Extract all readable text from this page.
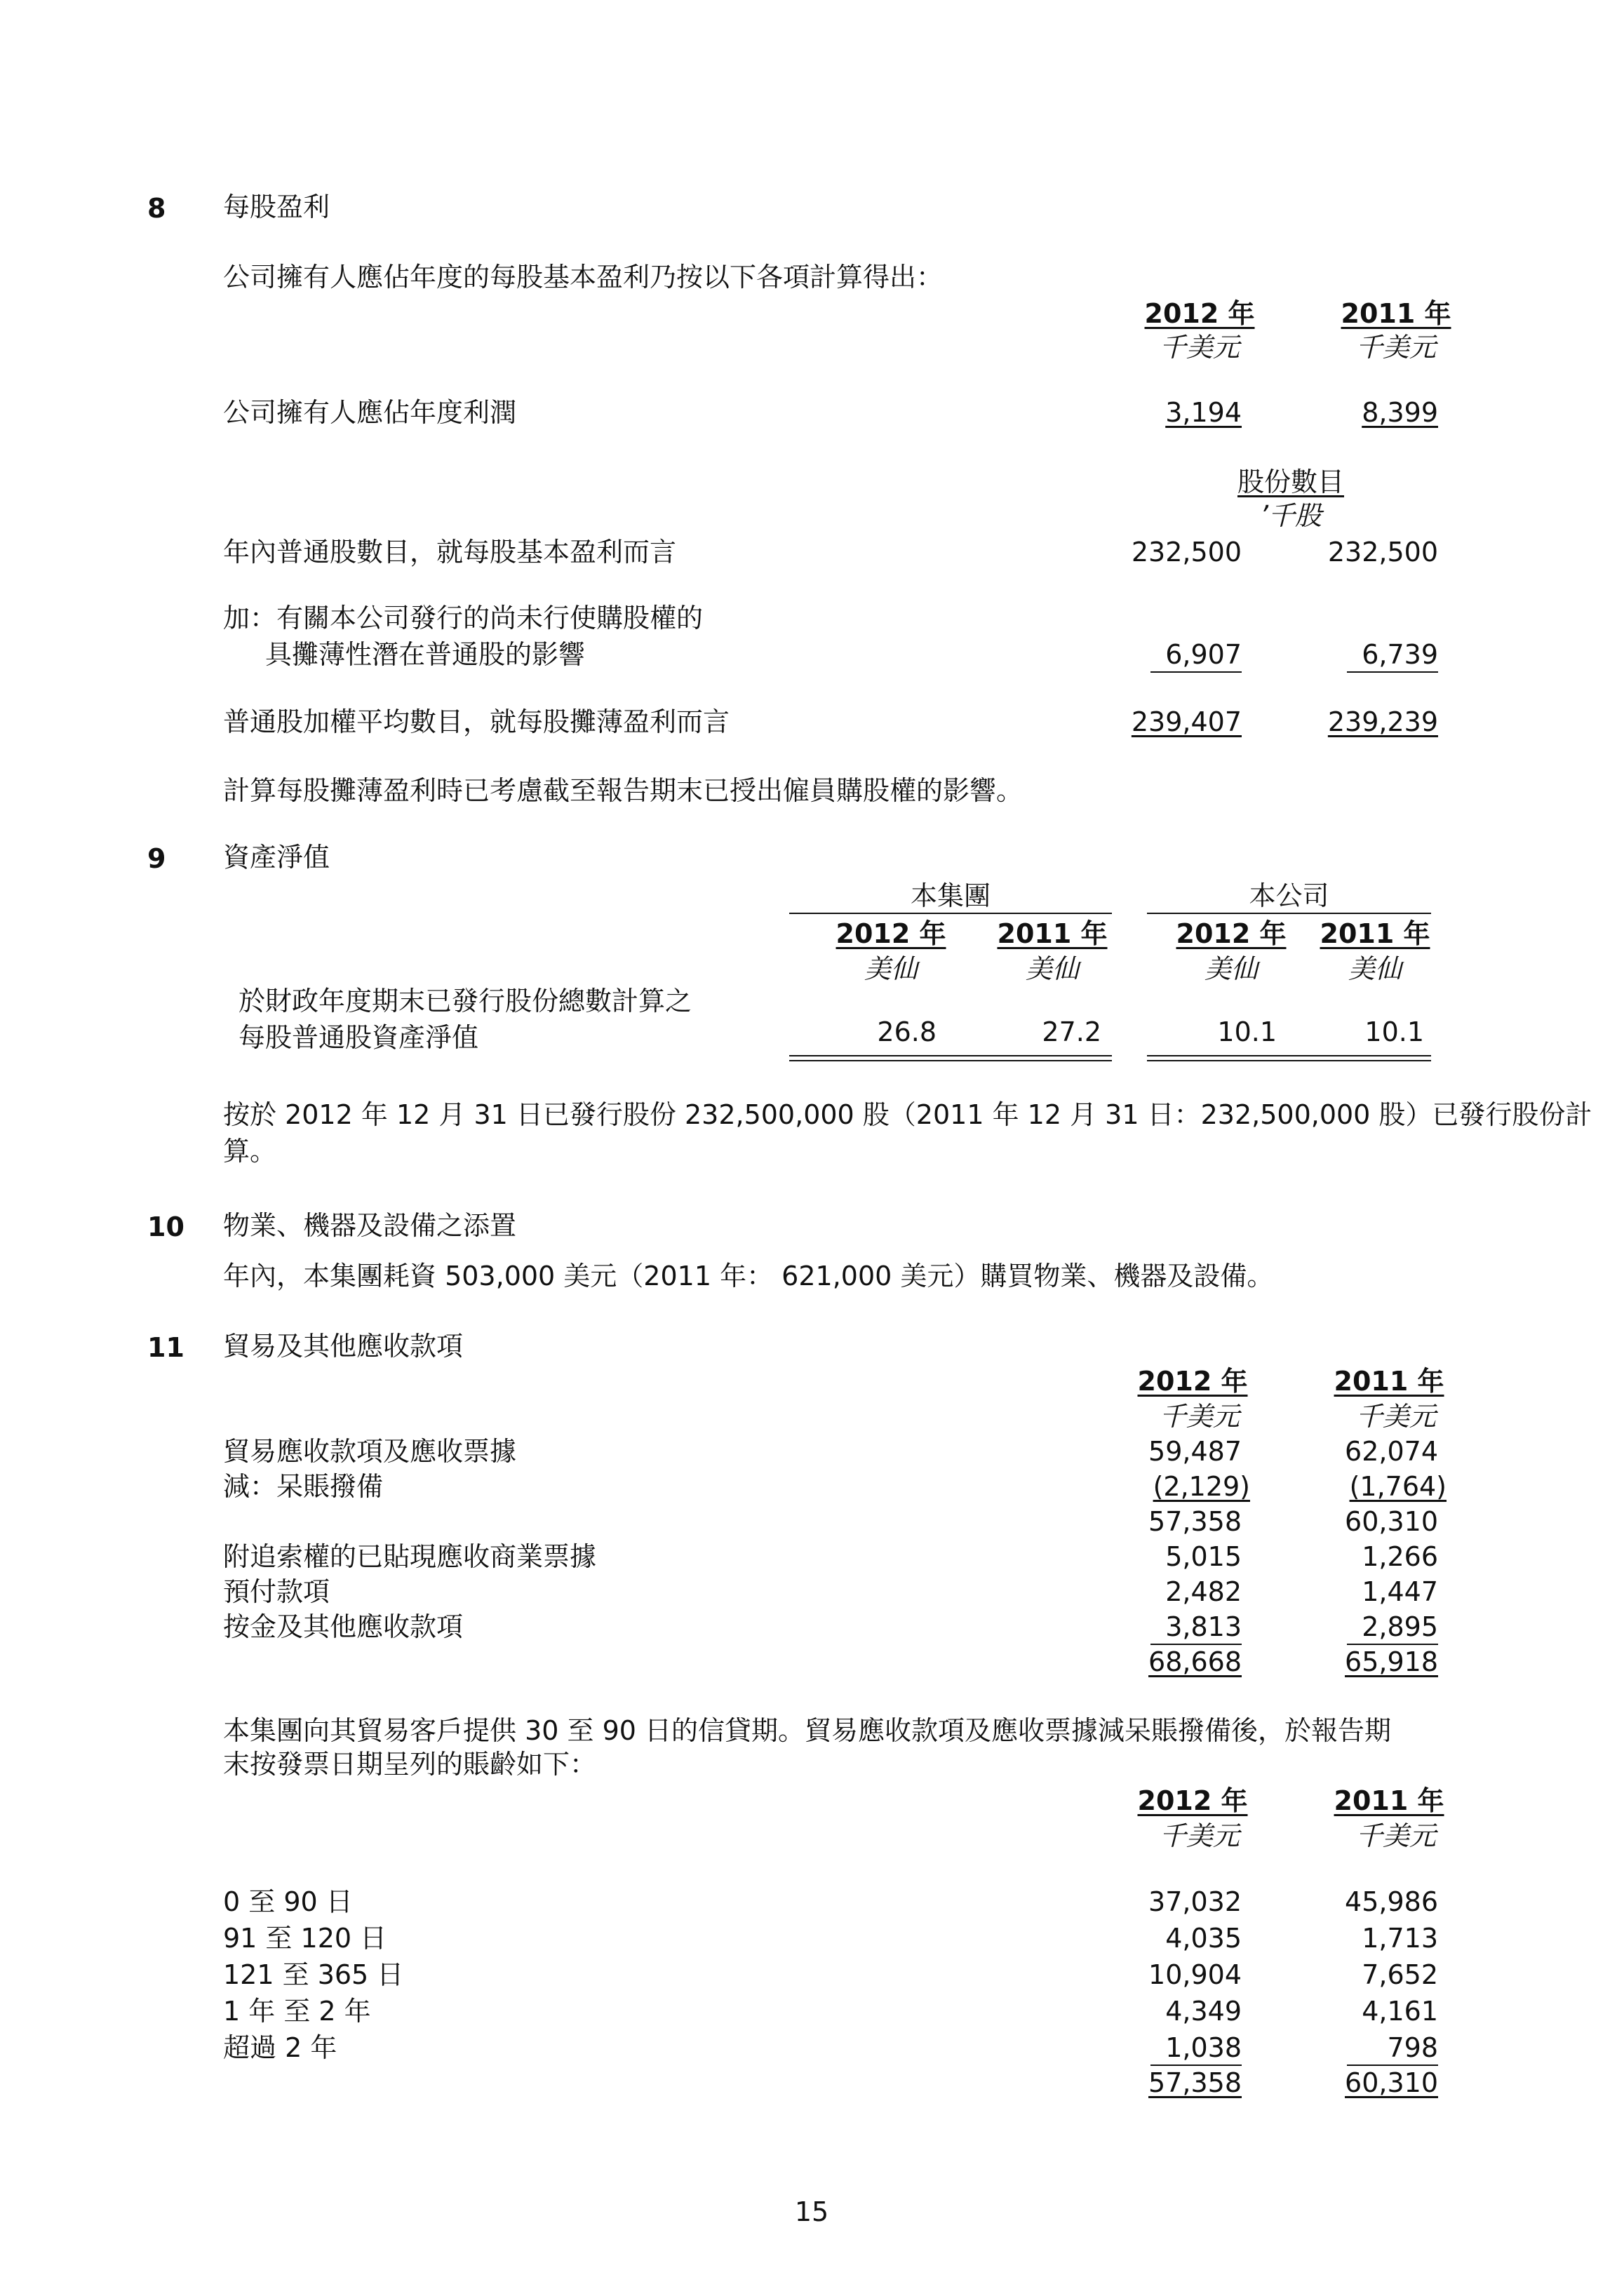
8 每股盈利
公司擁有人應佔年度的每股基本盈利乃按以下各項計算得出：
2012 年	2011 年
千美元	千美元
公司擁有人應佔年度利潤	3,194	8,399
股份數目
’千股
年內普通股數目，就每股基本盈利而言	232,500	232,500
加：有關本公司發行的尚未行使購股權的
具攤薄性潛在普通股的影響	6,907	6,739
普通股加權平均數目，就每股攤薄盈利而言	239,407	239,239
計算每股攤薄盈利時已考慮截至報告期末已授出僱員購股權的影響。
9 資產淨值
本集團	本公司
2012 年	2011 年	2012 年	2011 年
美仙	美仙	美仙	美仙
於財政年度期末已發行股份總數計算之
每股普通股資產淨值	26.8	27.2	10.1	10.1
按於 2012 年 12 月 31 日已發行股份 232,500,000 股（2011 年 12 月 31 日：232,500,000 股）已發行股份計
算。
10 物業、機器及設備之添置
年內，本集團耗資 503,000 美元（2011 年： 621,000 美元）購買物業、機器及設備。
11 貿易及其他應收款項
2012 年	2011 年
千美元	千美元
貿易應收款項及應收票據	59,487	62,074
減：呆賬撥備	(2,129)	(1,764)
57,358	60,310
附追索權的已貼現應收商業票據	5,015	1,266
預付款項	2,482	1,447
按金及其他應收款項	3,813	2,895
68,668	65,918
本集團向其貿易客戶提供 30 至 90 日的信貸期。貿易應收款項及應收票據減呆賬撥備後，於報告期
末按發票日期呈列的賬齡如下：
2012 年	2011 年
千美元	千美元
0 至 90 日	37,032	45,986
91 至 120 日	4,035	1,713
121 至 365 日	10,904	7,652
1 年 至 2 年	4,349	4,161
超過 2 年	1,038	798
57,358	60,310
15
